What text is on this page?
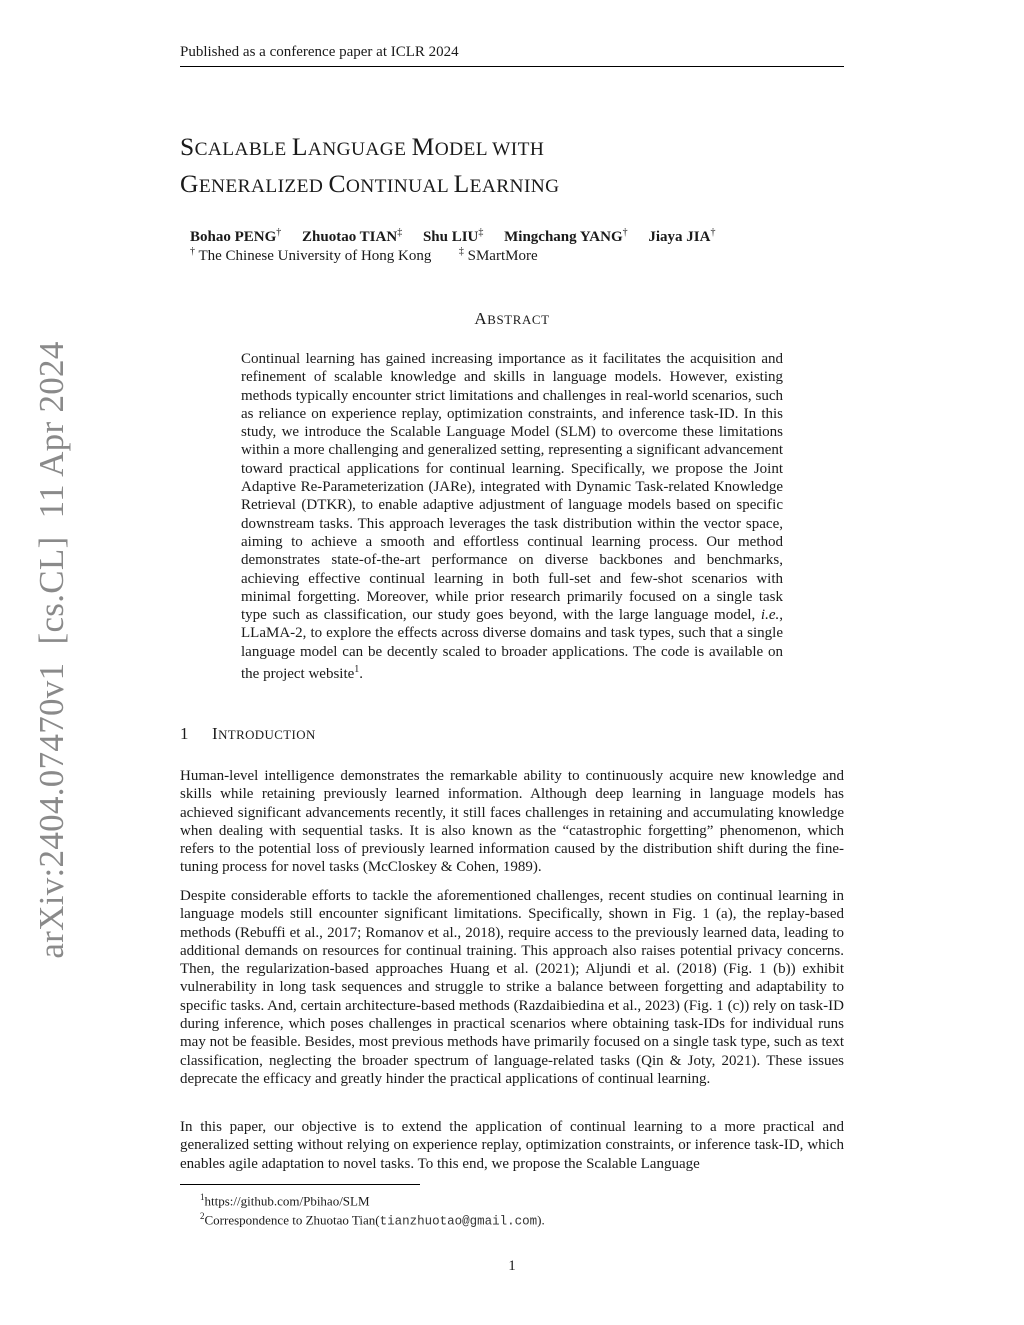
Published as a conference paper at ICLR 2024
SCALABLE LANGUAGE MODEL WITH
GENERALIZED CONTINUAL LEARNING
Bohao PENG† Zhuotao TIAN‡ Shu LIU‡ Mingchang YANG† Jiaya JIA†
† The Chinese University of Hong Kong	‡ SMartMore
ABSTRACT
Continual learning has gained increasing importance as it facilitates the acquisition and refinement of scalable knowledge and skills in language models. However, existing methods typically encounter strict limitations and challenges in real-world scenarios, such as reliance on experience replay, optimization constraints, and inference task-ID. In this study, we introduce the Scalable Language Model (SLM) to overcome these limitations within a more challenging and generalized setting, representing a significant advancement toward practical applications for continual learning. Specifically, we propose the Joint Adaptive Re-Parameterization (JARe), integrated with Dynamic Task-related Knowledge Retrieval (DTKR), to enable adaptive adjustment of language models based on specific downstream tasks. This approach leverages the task distribution within the vector space, aiming to achieve a smooth and effortless continual learning process. Our method demonstrates state-of-the-art performance on diverse backbones and benchmarks, achieving effective continual learning in both full-set and few-shot scenarios with minimal forgetting. Moreover, while prior research primarily focused on a single task type such as classification, our study goes beyond, with the large language model, i.e., LLaMA-2, to explore the effects across diverse domains and task types, such that a single language model can be decently scaled to broader applications. The code is available on the project website$^1$.
1 INTRODUCTION
Human-level intelligence demonstrates the remarkable ability to continuously acquire new knowledge and skills while retaining previously learned information. Although deep learning in language models has achieved significant advancements recently, it still faces challenges in retaining and accumulating knowledge when dealing with sequential tasks. It is also known as the “catastrophic forgetting” phenomenon, which refers to the potential loss of previously learned information caused by the distribution shift during the fine-tuning process for novel tasks (McCloskey & Cohen, 1989).
Despite considerable efforts to tackle the aforementioned challenges, recent studies on continual learning in language models still encounter significant limitations. Specifically, shown in Fig. 1 (a), the replay-based methods (Rebuffi et al., 2017; Romanov et al., 2018), require access to the previously learned data, leading to additional demands on resources for continual training. This approach also raises potential privacy concerns. Then, the regularization-based approaches Huang et al. (2021); Aljundi et al. (2018) (Fig. 1 (b)) exhibit vulnerability in long task sequences and struggle to strike a balance between forgetting and adaptability to specific tasks. And, certain architecture-based methods (Razdaibiedina et al., 2023) (Fig. 1 (c)) rely on task-ID during inference, which poses challenges in practical scenarios where obtaining task-IDs for individual runs may not be feasible. Besides, most previous methods have primarily focused on a single task type, such as text classification, neglecting the broader spectrum of language-related tasks (Qin & Joty, 2021). These issues deprecate the efficacy and greatly hinder the practical applications of continual learning.
In this paper, our objective is to extend the application of continual learning to a more practical and generalized setting without relying on experience replay, optimization constraints, or inference task-ID, which enables agile adaptation to novel tasks. To this end, we propose the Scalable Language
$^1$https://github.com/Pbihao/SLM
$^2$Correspondence to Zhuotao Tian(tianzhuotao@gmail.com).
1
arXiv:2404.07470v1  [cs.CL]  11 Apr 2024
